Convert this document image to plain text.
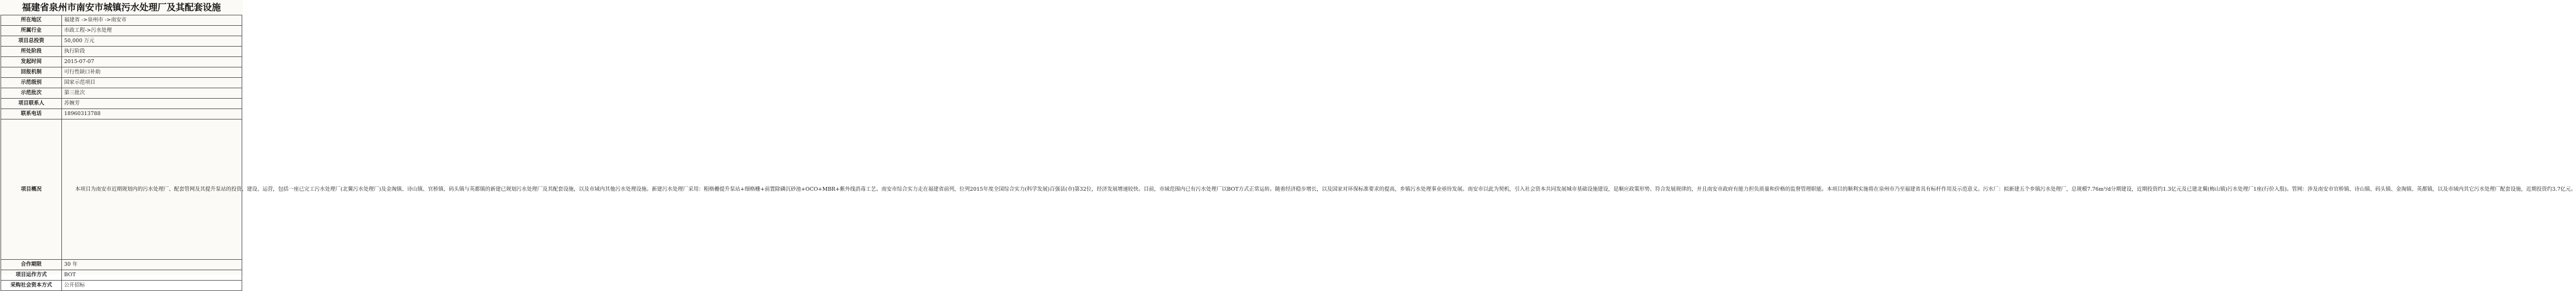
福建省泉州市南安市城镇污水处理厂及其配套设施
所在地区	福建省 ->泉州市 ->南安市
所属行业	市政工程->污水处理
项目总投资	50,000 万元
所处阶段	执行阶段
发起时间	2015-07-07
回报机制	可行性缺口补助
示范级别	国家示范项目
示范批次	第三批次
项目联系人	苏婉芳
联系电话	18960313788
项目概况	本项目为南安市近期规划内的污水处理厂、配套管网及其提升泵站的投资、建设、运营，包括一座已完工污水处理厂(北翼污水处理厂)及金淘镇、诗山镇、官桥镇、码头镇与英都镇的新建已规划污水处理厂及其配套设施，以及市域内其他污水处理设施。新建污水处理厂采用：粗格栅提升泵站+细格栅+前置除磷沉砂池+OCO+MBR+紫外线消毒工艺。南安市综合实力走在福建省前列，位列2015年度全国综合实力(科学发展)百强县(市)第32位，经济发展增速较快。目前，市域范围内已有污水处理厂以BOT方式正常运转。随着经济稳步增长，以及国家对环保标准要求的提高，乡镇污水处理事业亟待发展。南安市以此为契机，引入社会资本共同发展城市基础设施建设，是顺应政策形势、符合发展规律的，并且南安市政府有能力担负质量和价格的监督管理职能。本项目的顺利实施将在泉州市乃至福建省具有标杆作用及示范意义。污水厂：拟新建五个乡镇污水处理厂，总规模7.76m³/d分期建设，近期投资约1.3亿元及已建北翼(梅山镇)污水处理厂1座(行价入股)。管网：涉及南安市官桥镇、诗山镇、码头镇、金淘镇、英都镇，以及市域内其它污水处理厂配套设施，近期投资约3.7亿元。
合作期限	30 年
项目运作方式	BOT
采购社会资本方式	公开招标
